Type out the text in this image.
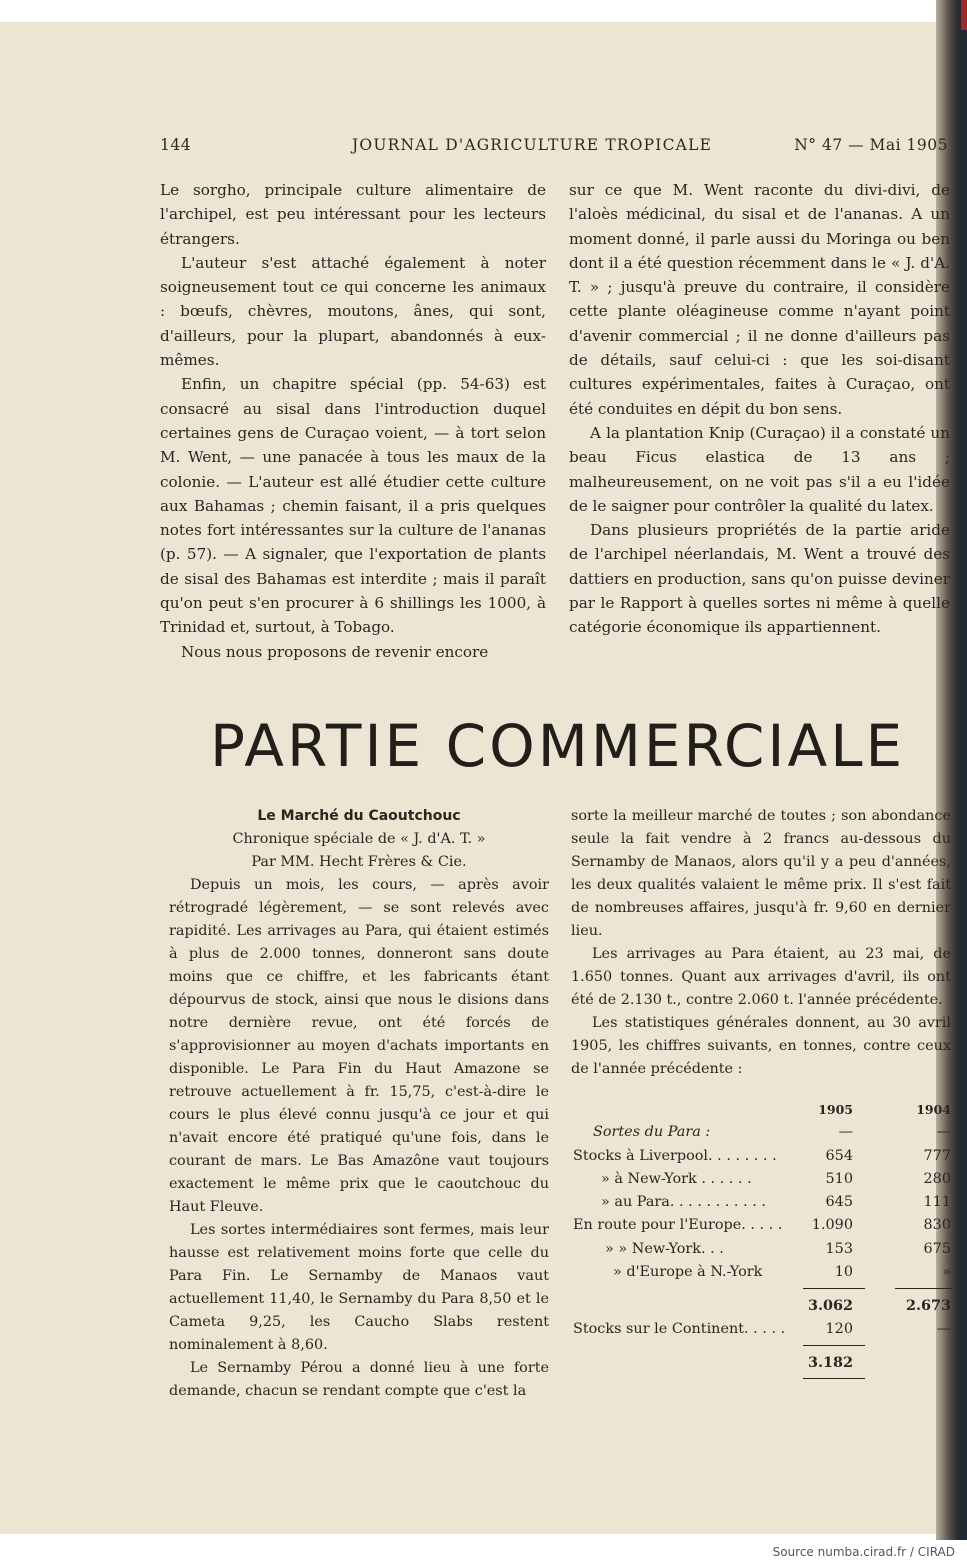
144	JOURNAL D'AGRICULTURE TROPICALE	N° 47 — Mai 1905

Le sorgho, principale culture alimentaire de l'archipel, est peu intéressant pour les lecteurs étrangers.

L'auteur s'est attaché également à noter soigneusement tout ce qui concerne les animaux : bœufs, chèvres, moutons, ânes, qui sont, d'ailleurs, pour la plupart, abandonnés à eux-mêmes.

Enfin, un chapitre spécial (pp. 54-63) est consacré au sisal dans l'introduction duquel certaines gens de Curaçao voient, — à tort selon M. Went, — une panacée à tous les maux de la colonie. — L'auteur est allé étudier cette culture aux Bahamas ; chemin faisant, il a pris quelques notes fort intéressantes sur la culture de l'ananas (p. 57). — A signaler, que l'exportation de plants de sisal des Bahamas est interdite ; mais il paraît qu'on peut s'en procurer à 6 shillings les 1000, à Trinidad et, surtout, à Tobago.

Nous nous proposons de revenir encore

sur ce que M. Went raconte du divi-divi, de l'aloès médicinal, du sisal et de l'ananas. A un moment donné, il parle aussi du Moringa ou ben dont il a été question récemment dans le « J. d'A. T. » ; jusqu'à preuve du contraire, il considère cette plante oléagineuse comme n'ayant point d'avenir commercial ; il ne donne d'ailleurs pas de détails, sauf celui-ci : que les soi-disant cultures expérimentales, faites à Curaçao, ont été conduites en dépit du bon sens.

A la plantation Knip (Curaçao) il a constaté un beau Ficus elastica de 13 ans ; malheureusement, on ne voit pas s'il a eu l'idée de le saigner pour contrôler la qualité du latex.

Dans plusieurs propriétés de la partie aride de l'archipel néerlandais, M. Went a trouvé des dattiers en production, sans qu'on puisse deviner par le Rapport à quelles sortes ni même à quelle catégorie économique ils appartiennent.

PARTIE COMMERCIALE

Le Marché du Caoutchouc

Chronique spéciale de « J. d'A. T. »

Par MM. Hecht Frères & Cie.

Depuis un mois, les cours, — après avoir rétrogradé légèrement, — se sont relevés avec rapidité. Les arrivages au Para, qui étaient estimés à plus de 2.000 tonnes, donneront sans doute moins que ce chiffre, et les fabricants étant dépourvus de stock, ainsi que nous le disions dans notre dernière revue, ont été forcés de s'approvisionner au moyen d'achats importants en disponible. Le Para Fin du Haut Amazone se retrouve actuellement à fr. 15,75, c'est-à-dire le cours le plus élevé connu jusqu'à ce jour et qui n'avait encore été pratiqué qu'une fois, dans le courant de mars. Le Bas Amazône vaut toujours exactement le même prix que le caoutchouc du Haut Fleuve.

Les sortes intermédiaires sont fermes, mais leur hausse est relativement moins forte que celle du Para Fin. Le Sernamby de Manaos vaut actuellement 11,40, le Sernamby du Para 8,50 et le Cameta 9,25, les Caucho Slabs restent nominalement à 8,60.

Le Sernamby Pérou a donné lieu à une forte demande, chacun se rendant compte que c'est la

sorte la meilleur marché de toutes ; son abondance seule la fait vendre à 2 francs au-dessous du Sernamby de Manaos, alors qu'il y a peu d'années, les deux qualités valaient le même prix. Il s'est fait de nombreuses affaires, jusqu'à fr. 9,60 en dernier lieu.

Les arrivages au Para étaient, au 23 mai, de 1.650 tonnes. Quant aux arrivages d'avril, ils ont été de 2.130 t., contre 2.060 t. l'année précédente.

Les statistiques générales donnent, au 30 avril 1905, les chiffres suivants, en tonnes, contre ceux de l'année précédente :

1905	1904
Sortes du Para :	—	—
Stocks à Liverpool. . . . . . . .	654	777
» à New-York . . . . . .	510	280
» au Para. . . . . . . . . . .	645	111
En route pour l'Europe. . . . . 1.090	830
» » New-York. . .	153	675
» d'Europe à N.-York	10	»
3.062	2.673
Stocks sur le Continent. . . . .	120	—
3.182
Source numba.cirad.fr / CIRAD
